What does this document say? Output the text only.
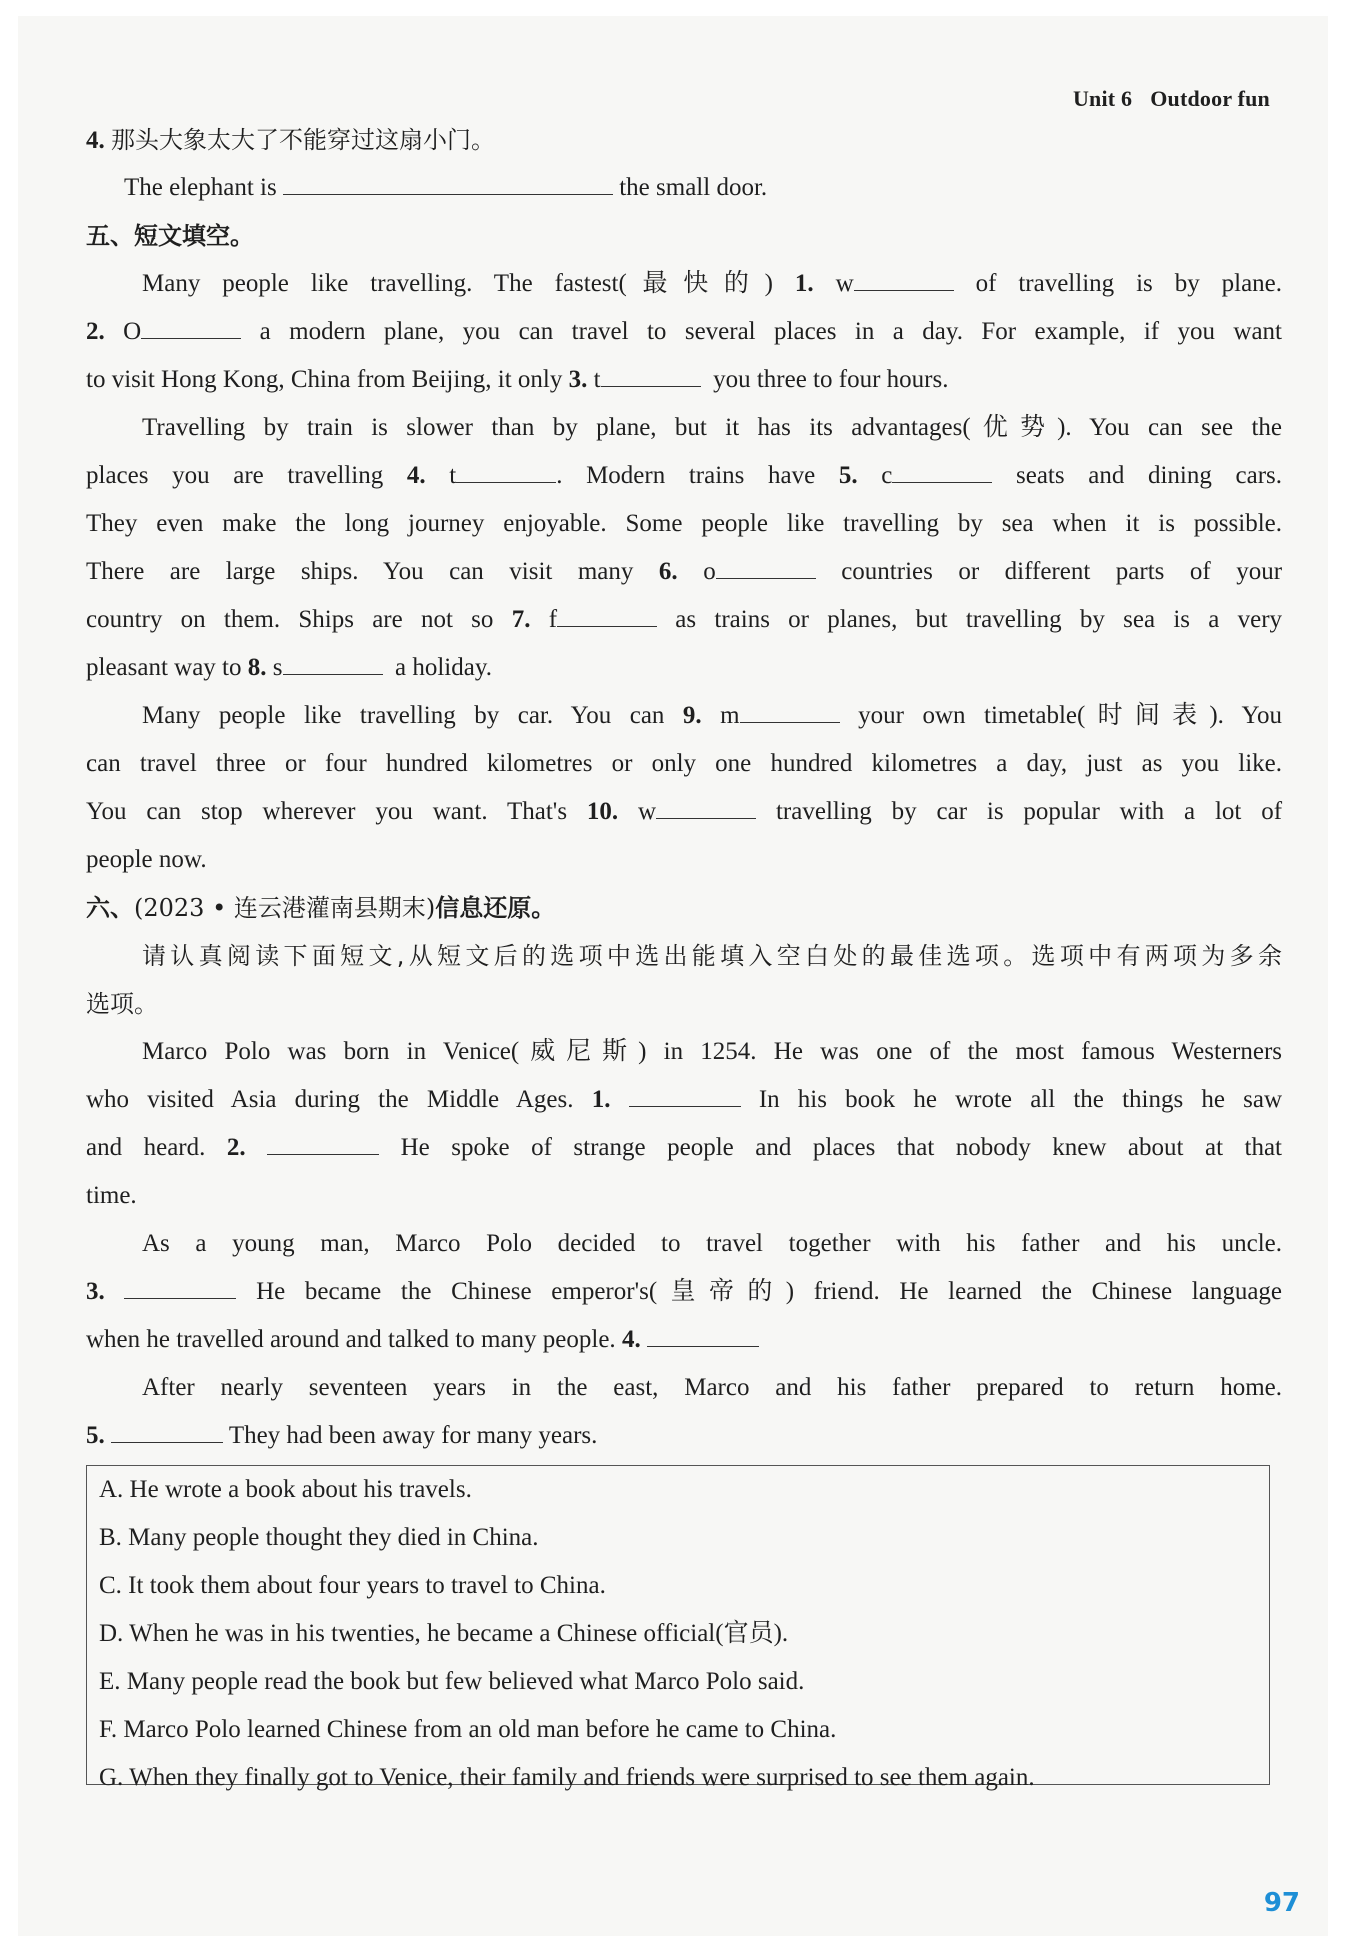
Unit 6 Outdoor fun
4. 那头大象太大了不能穿过这扇小门。
The elephant is	the small door.
五、短文填空。
Many people like travelling. The fastest(最快的) 1. w	of travelling is by plane.
2. O	a modern plane, you can travel to several places in a day. For example, if you want
to visit Hong Kong, China from Beijing, it only 3. t	you three to four hours.
Travelling by train is slower than by plane, but it has its advantages(优势). You can see the
places you are travelling 4. t	. Modern trains have 5. c	seats and dining cars.
They even make the long journey enjoyable. Some people like travelling by sea when it is possible.
There are large ships. You can visit many 6. o	countries or different parts of your
country on them. Ships are not so 7. f	as trains or planes, but travelling by sea is a very
pleasant way to 8. s	a holiday.
Many people like travelling by car. You can 9. m	your own timetable(时间表). You
can travel three or four hundred kilometres or only one hundred kilometres a day, just as you like.
You can stop wherever you want. That's 10. w	travelling by car is popular with a lot of
people now.
六、(2023 • 连云港灌南县期末)信息还原。
请认真阅读下面短文,从短文后的选项中选出能填入空白处的最佳选项。选项中有两项为多余
选项。
Marco Polo was born in Venice(威尼斯) in 1254. He was one of the most famous Westerners
who visited Asia during the Middle Ages. 1.	In his book he wrote all the things he saw
and heard. 2.	He spoke of strange people and places that nobody knew about at that
time.
As a young man, Marco Polo decided to travel together with his father and his uncle.
3.	He became the Chinese emperor's(皇帝的) friend. He learned the Chinese language
when he travelled around and talked to many people. 4.
After nearly seventeen years in the east, Marco and his father prepared to return home.
5.	They had been away for many years.
A. He wrote a book about his travels.
B. Many people thought they died in China.
C. It took them about four years to travel to China.
D. When he was in his twenties, he became a Chinese official(官员).
E. Many people read the book but few believed what Marco Polo said.
F. Marco Polo learned Chinese from an old man before he came to China.
G. When they finally got to Venice, their family and friends were surprised to see them again.
97
